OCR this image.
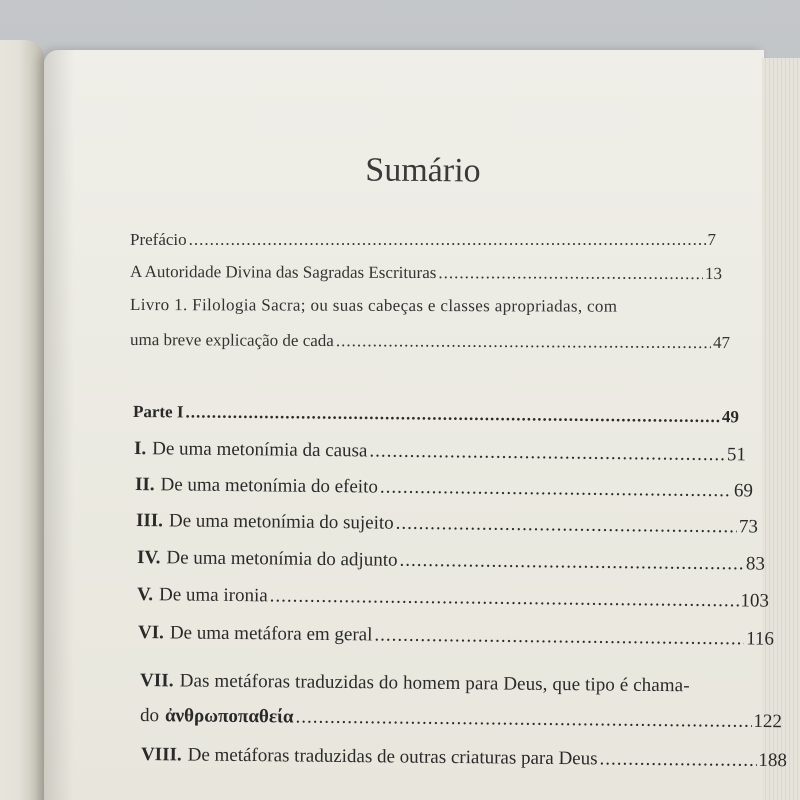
Sumário
Prefácio .....	7
A Autoridade Divina das Sagradas Escrituras .....	13
Livro 1. Filologia Sacra; ou suas cabeças e classes apropriadas, com
uma breve explicação de cada .....	47
Parte I .....	49
I. De uma metonímia da causa .....	51
II. De uma metonímia do efeito .....	69
III. De uma metonímia do sujeito .....	73
IV. De uma metonímia do adjunto .....	83
V. De uma ironia .....	103
VI. De uma metáfora em geral .....	116
VII. Das metáforas traduzidas do homem para Deus, que tipo é chama-
do ἀνθρωποπαθεία .....	122
VIII. De metáforas traduzidas de outras criaturas para Deus .....	188
